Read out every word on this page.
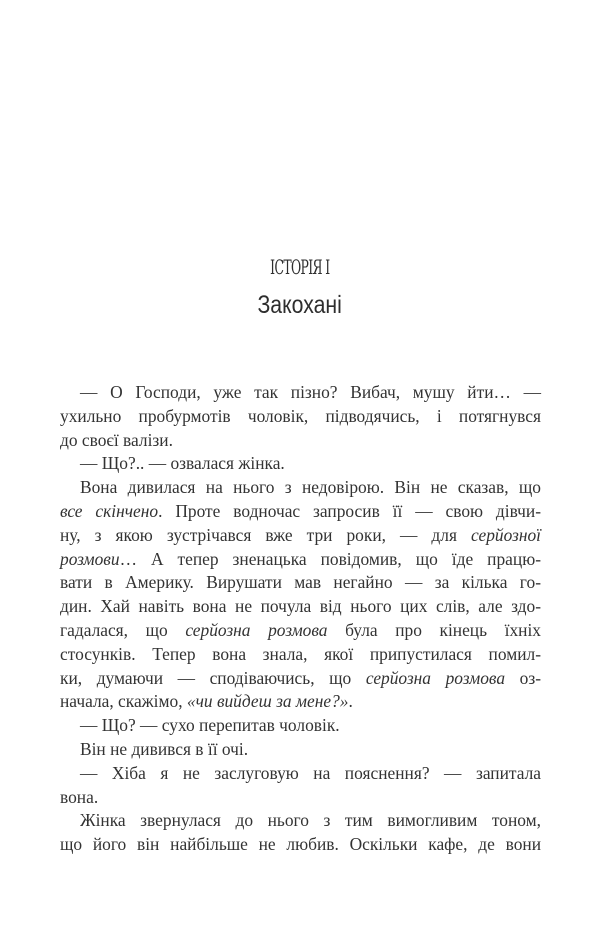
ІСТОРІЯ І
Закохані
— О Господи, уже так пізно? Вибач, мушу йти… —
ухильно пробурмотів чоловік, підводячись, і потягнувся
до своєї валізи.
— Що?.. — озвалася жінка.
Вона дивилася на нього з недовірою. Він не сказав, що
все скінчено. Проте водночас запросив її — свою дівчи-
ну, з якою зустрічався вже три роки, — для серйозної
розмови… А тепер зненацька повідомив, що їде працю-
вати в Америку. Вирушати мав негайно — за кілька го-
дин. Хай навіть вона не почула від нього цих слів, але здо-
гадалася, що серйозна розмова була про кінець їхніх
стосунків. Тепер вона знала, якої припустилася помил-
ки, думаючи — сподіваючись, що серйозна розмова оз-
начала, скажімо, «чи вийдеш за мене?».
— Що? — сухо перепитав чоловік.
Він не дивився в її очі.
— Хіба я не заслуговую на пояснення? — запитала
вона.
Жінка звернулася до нього з тим вимогливим тоном,
що його він найбільше не любив. Оскільки кафе, де вони
